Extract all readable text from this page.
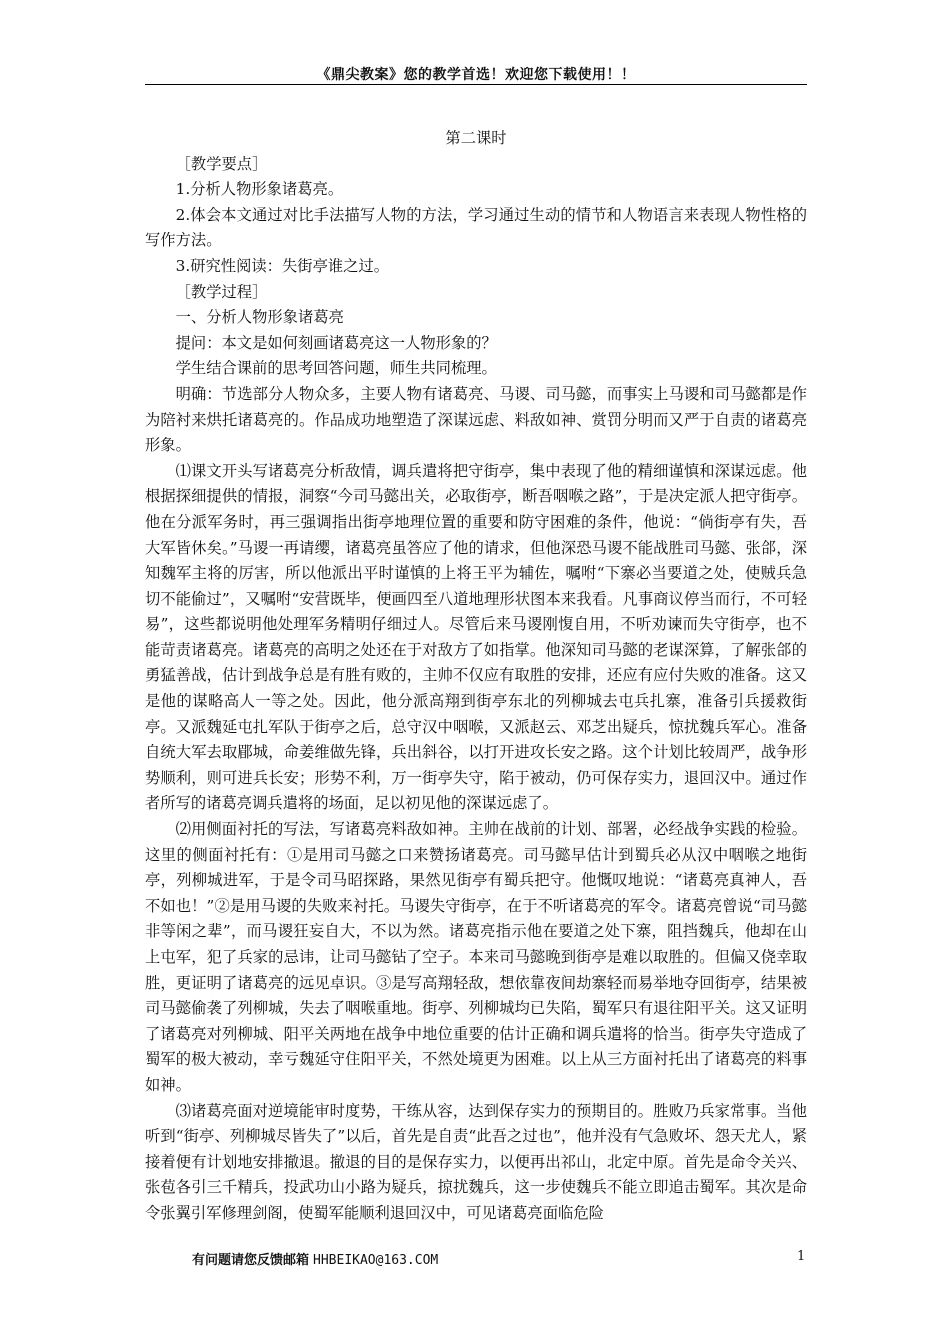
《鼎尖教案》您的教学首选！欢迎您下载使用！！

第二课时

［教学要点］

1.分析人物形象诸葛亮。

2.体会本文通过对比手法描写人物的方法，学习通过生动的情节和人物语言来表现人物性格的写作方法。

3.研究性阅读：失街亭谁之过。

［教学过程］

一、分析人物形象诸葛亮

提问：本文是如何刻画诸葛亮这一人物形象的？

学生结合课前的思考回答问题，师生共同梳理。

明确：节选部分人物众多，主要人物有诸葛亮、马谡、司马懿，而事实上马谡和司马懿都是作为陪衬来烘托诸葛亮的。作品成功地塑造了深谋远虑、料敌如神、赏罚分明而又严于自责的诸葛亮形象。

⑴课文开头写诸葛亮分析敌情，调兵遣将把守街亭，集中表现了他的精细谨慎和深谋远虑。他根据探细提供的情报，洞察“今司马懿出关，必取街亭，断吾咽喉之路”，于是决定派人把守街亭。他在分派军务时，再三强调指出街亭地理位置的重要和防守困难的条件，他说：“倘街亭有失，吾大军皆休矣。”马谡一再请缨，诸葛亮虽答应了他的请求，但他深恐马谡不能战胜司马懿、张郃，深知魏军主将的厉害，所以他派出平时谨慎的上将王平为辅佐，嘱咐“下寨必当要道之处，使贼兵急切不能偷过”，又嘱咐“安营既毕，便画四至八道地理形状图本来我看。凡事商议停当而行，不可轻易”，这些都说明他处理军务精明仔细过人。尽管后来马谡刚愎自用，不听劝谏而失守街亭，也不能苛责诸葛亮。诸葛亮的高明之处还在于对敌方了如指掌。他深知司马懿的老谋深算，了解张郃的勇猛善战，估计到战争总是有胜有败的，主帅不仅应有取胜的安排，还应有应付失败的准备。这又是他的谋略高人一等之处。因此，他分派高翔到街亭东北的列柳城去屯兵扎寨，准备引兵援救街亭。又派魏延屯扎军队于街亭之后，总守汉中咽喉，又派赵云、邓芝出疑兵，惊扰魏兵军心。准备自统大军去取郿城，命姜维做先锋，兵出斜谷，以打开进攻长安之路。这个计划比较周严，战争形势顺利，则可进兵长安；形势不利，万一街亭失守，陷于被动，仍可保存实力，退回汉中。通过作者所写的诸葛亮调兵遣将的场面，足以初见他的深谋远虑了。

⑵用侧面衬托的写法，写诸葛亮料敌如神。主帅在战前的计划、部署，必经战争实践的检验。这里的侧面衬托有：①是用司马懿之口来赞扬诸葛亮。司马懿早估计到蜀兵必从汉中咽喉之地街亭，列柳城进军，于是令司马昭探路，果然见街亭有蜀兵把守。他慨叹地说：“诸葛亮真神人，吾不如也！”②是用马谡的失败来衬托。马谡失守街亭，在于不听诸葛亮的军令。诸葛亮曾说“司马懿非等闲之辈”，而马谡狂妄自大，不以为然。诸葛亮指示他在要道之处下寨，阻挡魏兵，他却在山上屯军，犯了兵家的忌讳，让司马懿钻了空子。本来司马懿晚到街亭是难以取胜的。但偏又侥幸取胜，更证明了诸葛亮的远见卓识。③是写高翔轻敌，想依靠夜间劫寨轻而易举地夺回街亭，结果被司马懿偷袭了列柳城，失去了咽喉重地。街亭、列柳城均已失陷，蜀军只有退往阳平关。这又证明了诸葛亮对列柳城、阳平关两地在战争中地位重要的估计正确和调兵遣将的恰当。街亭失守造成了蜀军的极大被动，幸亏魏延守住阳平关，不然处境更为困难。以上从三方面衬托出了诸葛亮的料事如神。

⑶诸葛亮面对逆境能审时度势，干练从容，达到保存实力的预期目的。胜败乃兵家常事。当他听到“街亭、列柳城尽皆失了”以后，首先是自责“此吾之过也”，他并没有气急败坏、怨天尤人，紧接着便有计划地安排撤退。撤退的目的是保存实力，以便再出祁山，北定中原。首先是命令关兴、张苞各引三千精兵，投武功山小路为疑兵，掠扰魏兵，这一步使魏兵不能立即追击蜀军。其次是命令张翼引军修理剑阁，使蜀军能顺利退回汉中，可见诸葛亮面临危险

有问题请您反馈邮箱 HHBEIKAO@163.COM	1
